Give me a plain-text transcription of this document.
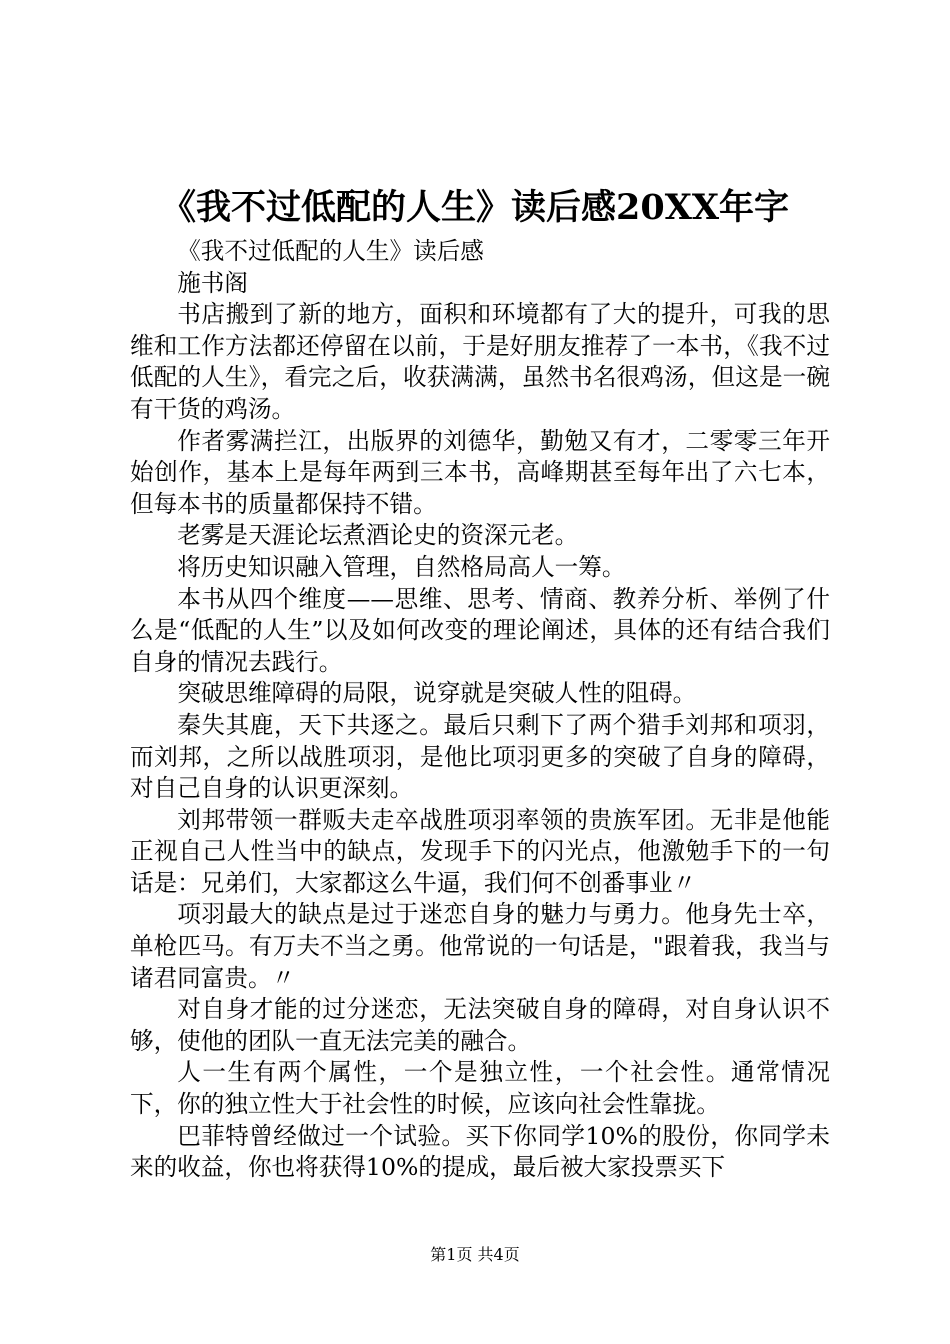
《我不过低配的人生》读后感20XX年字

《我不过低配的人生》读后感

施书阁

书店搬到了新的地方，面积和环境都有了大的提升，可我的思维和工作方法都还停留在以前，于是好朋友推荐了一本书，《我不过低配的人生》，看完之后，收获满满，虽然书名很鸡汤，但这是一碗有干货的鸡汤。

作者雾满拦江，出版界的刘德华，勤勉又有才，二零零三年开始创作，基本上是每年两到三本书，高峰期甚至每年出了六七本，但每本书的质量都保持不错。

老雾是天涯论坛煮酒论史的资深元老。

将历史知识融入管理，自然格局高人一筹。

本书从四个维度——思维、思考、情商、教养分析、举例了什么是“低配的人生”以及如何改变的理论阐述，具体的还有结合我们自身的情况去践行。

突破思维障碍的局限，说穿就是突破人性的阻碍。

秦失其鹿，天下共逐之。最后只剩下了两个猎手刘邦和项羽，而刘邦，之所以战胜项羽，是他比项羽更多的突破了自身的障碍，对自己自身的认识更深刻。

刘邦带领一群贩夫走卒战胜项羽率领的贵族军团。无非是他能正视自己人性当中的缺点，发现手下的闪光点，他激勉手下的一句话是：兄弟们，大家都这么牛逼，我们何不创番事业〃

项羽最大的缺点是过于迷恋自身的魅力与勇力。他身先士卒，单枪匹马。有万夫不当之勇。他常说的一句话是，"跟着我，我当与诸君同富贵。〃

对自身才能的过分迷恋，无法突破自身的障碍，对自身认识不够，使他的团队一直无法完美的融合。

人一生有两个属性，一个是独立性，一个社会性。通常情况下，你的独立性大于社会性的时候，应该向社会性靠拢。

巴菲特曾经做过一个试验。买下你同学10%的股份，你同学未来的收益，你也将获得10%的提成，最后被大家投票买下

第1页 共4页
